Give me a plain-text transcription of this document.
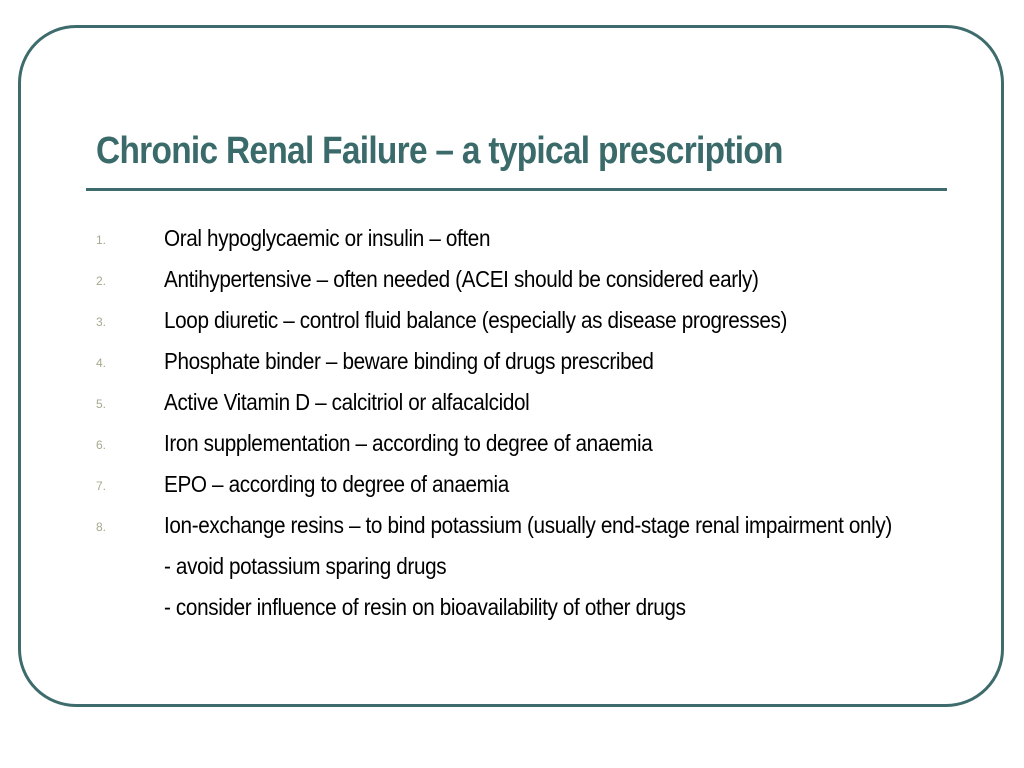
Chronic Renal Failure – a typical prescription
1.	Oral hypoglycaemic or insulin – often
2.	Antihypertensive – often needed (ACEI should be considered early)
3.	Loop diuretic – control fluid balance (especially as disease progresses)
4.	Phosphate binder – beware binding of drugs prescribed
5.	Active Vitamin D – calcitriol or alfacalcidol
6.	Iron supplementation – according to degree of anaemia
7.	EPO – according to degree of anaemia
8.	Ion-exchange resins – to bind potassium (usually end-stage renal impairment only)
- avoid potassium sparing drugs
- consider influence of resin on bioavailability of other drugs
